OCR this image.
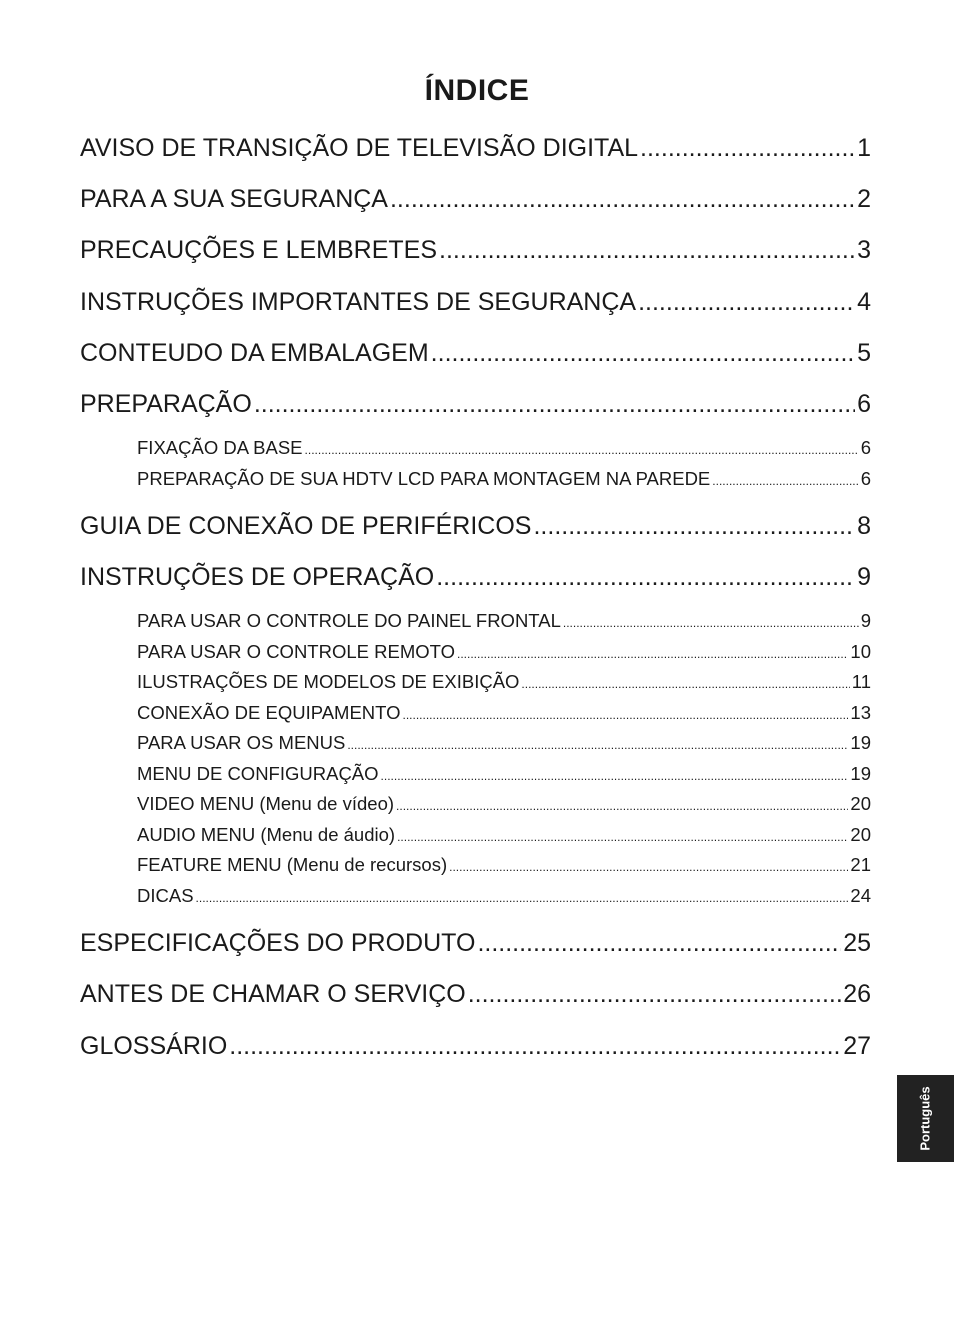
ÍNDICE
AVISO DE TRANSIÇÃO DE TELEVISÃO DIGITAL .....	1
PARA A SUA SEGURANÇA .....	2
PRECAUÇÕES E LEMBRETES .....	3
INSTRUÇÕES IMPORTANTES DE SEGURANÇA .....	4
CONTEUDO DA EMBALAGEM .....	5
PREPARAÇÃO .....	6
FIXAÇÃO DA BASE .....	6
PREPARAÇÃO DE SUA HDTV LCD PARA MONTAGEM NA PAREDE .....	6
GUIA DE CONEXÃO DE PERIFÉRICOS .....	8
INSTRUÇÕES DE OPERAÇÃO .....	9
PARA USAR O CONTROLE DO PAINEL FRONTAL .....	9
PARA USAR O CONTROLE REMOTO .....	10
ILUSTRAÇÕES DE MODELOS DE EXIBIÇÃO .....	11
CONEXÃO DE EQUIPAMENTO .....	13
PARA USAR OS MENUS .....	19
MENU DE CONFIGURAÇÃO .....	19
VIDEO MENU (Menu de vídeo) .....	20
AUDIO MENU (Menu de áudio) .....	20
FEATURE MENU (Menu de recursos) .....	21
DICAS .....	24
ESPECIFICAÇÕES DO PRODUTO .....	25
ANTES DE CHAMAR O SERVIÇO .....	26
GLOSSÁRIO .....	27
Português
